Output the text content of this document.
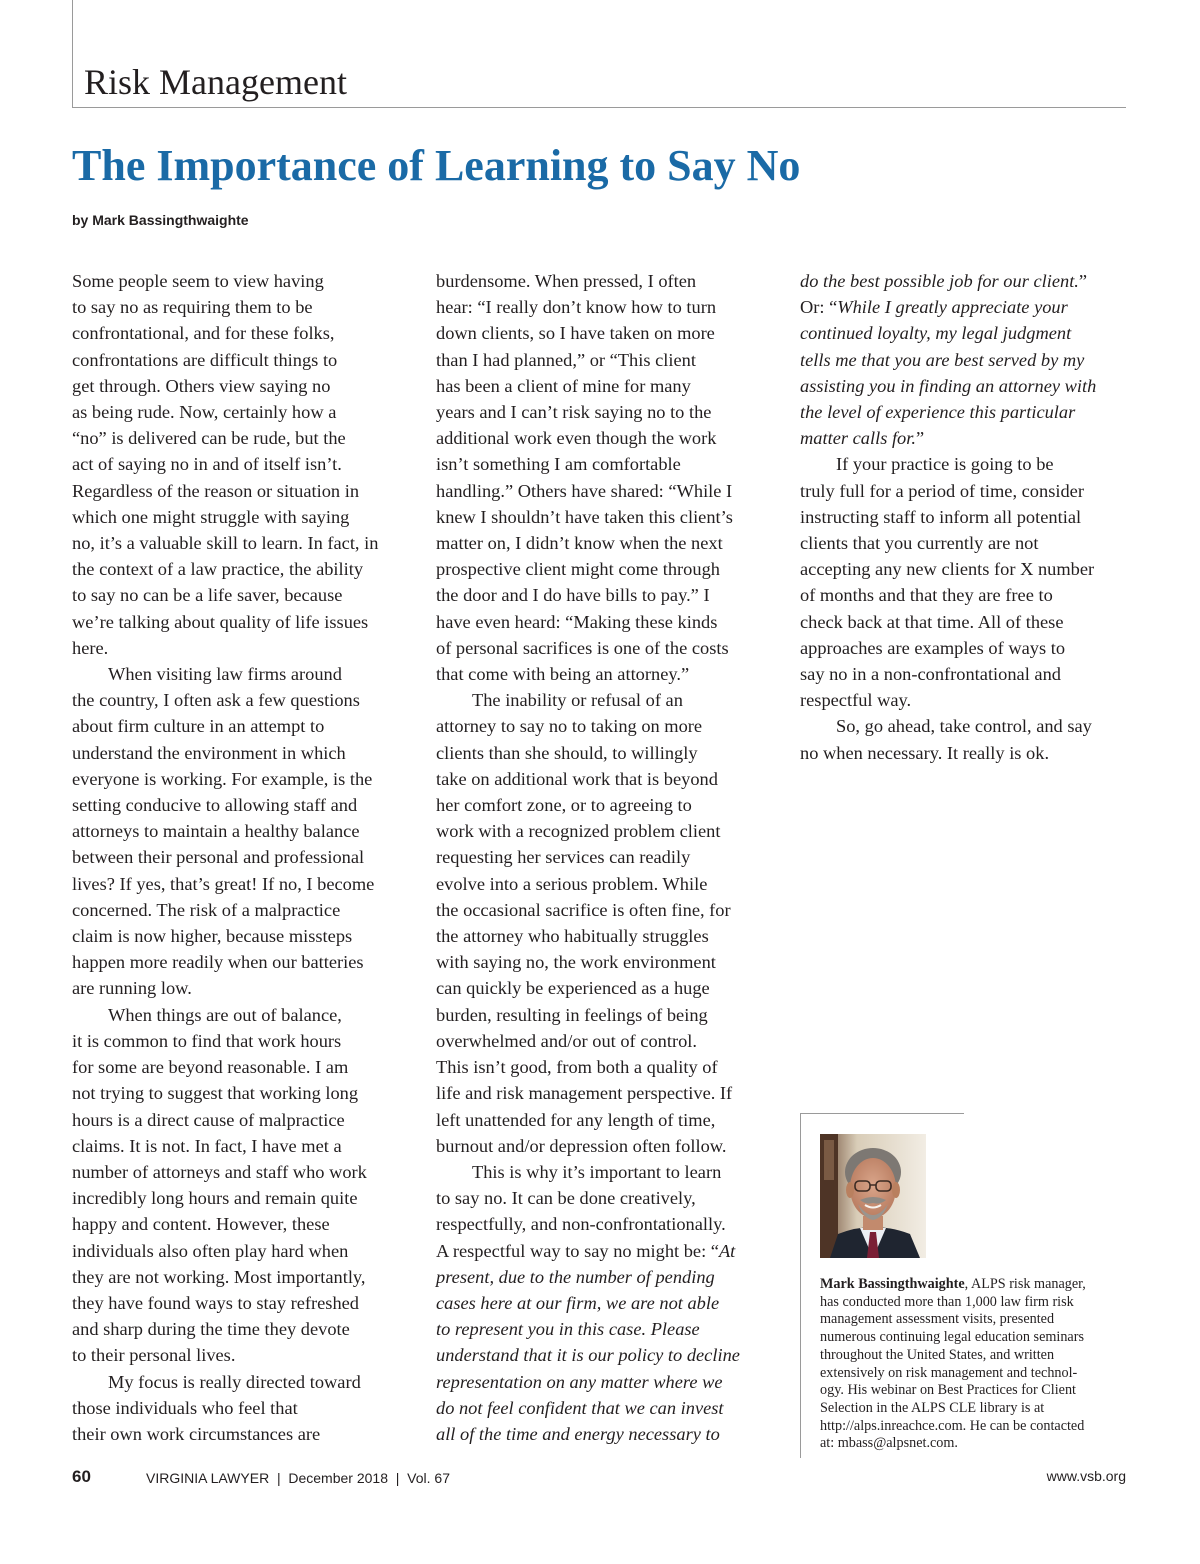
Risk Management
The Importance of Learning to Say No
by Mark Bassingthwaighte
Some people seem to view having
to say no as requiring them to be
confrontational, and for these folks,
confrontations are difficult things to
get through. Others view saying no
as being rude. Now, certainly how a
“no” is delivered can be rude, but the
act of saying no in and of itself isn’t.
Regardless of the reason or situation in
which one might struggle with saying
no, it’s a valuable skill to learn. In fact, in
the context of a law practice, the ability
to say no can be a life saver, because
we’re talking about quality of life issues
here.
When visiting law firms around
the country, I often ask a few questions
about firm culture in an attempt to
understand the environment in which
everyone is working. For example, is the
setting conducive to allowing staff and
attorneys to maintain a healthy balance
between their personal and professional
lives? If yes, that’s great! If no, I become
concerned. The risk of a malpractice
claim is now higher, because missteps
happen more readily when our batteries
are running low.
When things are out of balance,
it is common to find that work hours
for some are beyond reasonable. I am
not trying to suggest that working long
hours is a direct cause of malpractice
claims. It is not. In fact, I have met a
number of attorneys and staff who work
incredibly long hours and remain quite
happy and content. However, these
individuals also often play hard when
they are not working. Most importantly,
they have found ways to stay refreshed
and sharp during the time they devote
to their personal lives.
My focus is really directed toward
those individuals who feel that
their own work circumstances are
burdensome. When pressed, I often
hear: “I really don’t know how to turn
down clients, so I have taken on more
than I had planned,” or “This client
has been a client of mine for many
years and I can’t risk saying no to the
additional work even though the work
isn’t something I am comfortable
handling.” Others have shared: “While I
knew I shouldn’t have taken this client’s
matter on, I didn’t know when the next
prospective client might come through
the door and I do have bills to pay.” I
have even heard: “Making these kinds
of personal sacrifices is one of the costs
that come with being an attorney.”
The inability or refusal of an
attorney to say no to taking on more
clients than she should, to willingly
take on additional work that is beyond
her comfort zone, or to agreeing to
work with a recognized problem client
requesting her services can readily
evolve into a serious problem. While
the occasional sacrifice is often fine, for
the attorney who habitually struggles
with saying no, the work environment
can quickly be experienced as a huge
burden, resulting in feelings of being
overwhelmed and/or out of control.
This isn’t good, from both a quality of
life and risk management perspective. If
left unattended for any length of time,
burnout and/or depression often follow.
This is why it’s important to learn
to say no. It can be done creatively,
respectfully, and non-confrontationally.
A respectful way to say no might be: “At
present, due to the number of pending
cases here at our firm, we are not able
to represent you in this case. Please
understand that it is our policy to decline
representation on any matter where we
do not feel confident that we can invest
all of the time and energy necessary to
do the best possible job for our client.”
Or: “While I greatly appreciate your
continued loyalty, my legal judgment
tells me that you are best served by my
assisting you in finding an attorney with
the level of experience this particular
matter calls for.”
If your practice is going to be
truly full for a period of time, consider
instructing staff to inform all potential
clients that you currently are not
accepting any new clients for X number
of months and that they are free to
check back at that time. All of these
approaches are examples of ways to
say no in a non-confrontational and
respectful way.
So, go ahead, take control, and say
no when necessary. It really is ok.
Mark Bassingthwaighte, ALPS risk manager,
has conducted more than 1,000 law firm risk
management assessment visits, presented
numerous continuing legal education seminars
throughout the United States, and written
extensively on risk management and technol-
ogy. His webinar on Best Practices for Client
Selection in the ALPS CLE library is at
http://alps.inreachce.com. He can be contacted
at: mbass@alpsnet.com.
60	VIRGINIA LAWYER  |  December 2018  |  Vol. 67	www.vsb.org
